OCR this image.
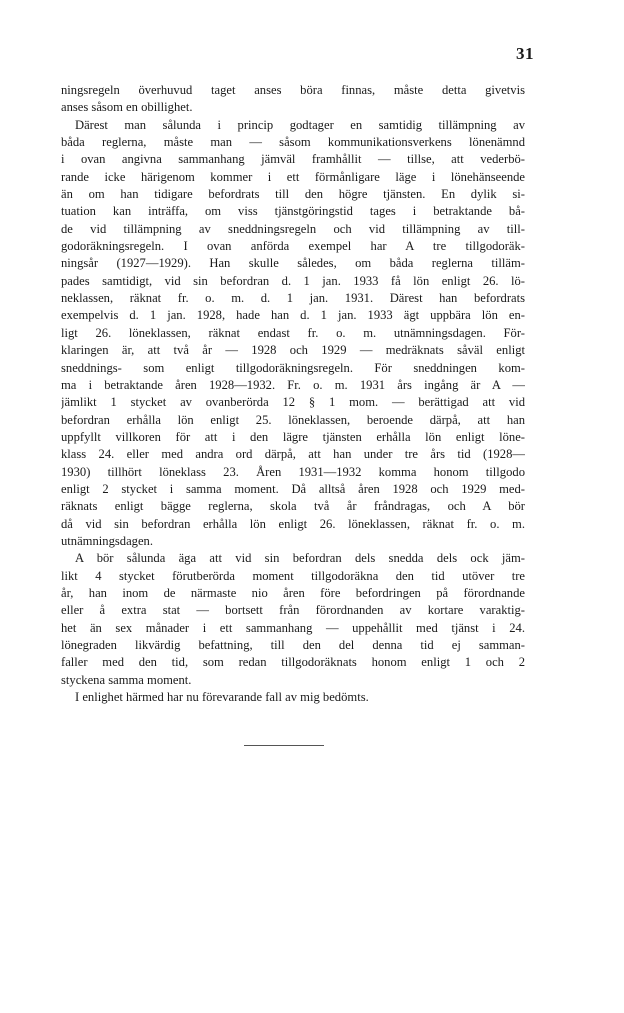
31
ningsregeln överhuvud taget anses böra finnas, måste detta givetvis
anses såsom en obillighet.
Därest man sålunda i princip godtager en samtidig tillämpning av
båda reglerna, måste man — såsom kommunikationsverkens lönenämnd
i ovan angivna sammanhang jämväl framhållit — tillse, att vederbö-
rande icke härigenom kommer i ett förmånligare läge i lönehänseende
än om han tidigare befordrats till den högre tjänsten. En dylik si-
tuation kan inträffa, om viss tjänstgöringstid tages i betraktande bå-
de vid tillämpning av sneddningsregeln och vid tillämpning av till-
godoräkningsregeln. I ovan anförda exempel har A tre tillgodoräk-
ningsår (1927—1929). Han skulle således, om båda reglerna tilläm-
pades samtidigt, vid sin befordran d. 1 jan. 1933 få lön enligt 26. lö-
neklassen, räknat fr. o. m. d. 1 jan. 1931. Därest han befordrats
exempelvis d. 1 jan. 1928, hade han d. 1 jan. 1933 ägt uppbära lön en-
ligt 26. löneklassen, räknat endast fr. o. m. utnämningsdagen. För-
klaringen är, att två år — 1928 och 1929 — medräknats såväl enligt
sneddnings- som enligt tillgodoräkningsregeln. För sneddningen kom-
ma i betraktande åren 1928—1932. Fr. o. m. 1931 års ingång är A —
jämlikt 1 stycket av ovanberörda 12 § 1 mom. — berättigad att vid
befordran erhålla lön enligt 25. löneklassen, beroende därpå, att han
uppfyllt villkoren för att i den lägre tjänsten erhålla lön enligt löne-
klass 24. eller med andra ord därpå, att han under tre års tid (1928—
1930) tillhört löneklass 23. Åren 1931—1932 komma honom tillgodo
enligt 2 stycket i samma moment. Då alltså åren 1928 och 1929 med-
räknats enligt bägge reglerna, skola två år fråndragas, och A bör
då vid sin befordran erhålla lön enligt 26. löneklassen, räknat fr. o. m.
utnämningsdagen.
A bör sålunda äga att vid sin befordran dels snedda dels ock jäm-
likt 4 stycket förutberörda moment tillgodoräkna den tid utöver tre
år, han inom de närmaste nio åren före befordringen på förordnande
eller å extra stat — bortsett från förordnanden av kortare varaktig-
het än sex månader i ett sammanhang — uppehållit med tjänst i 24.
lönegraden likvärdig befattning, till den del denna tid ej samman-
faller med den tid, som redan tillgodoräknats honom enligt 1 och 2
styckena samma moment.
I enlighet härmed har nu förevarande fall av mig bedömts.
